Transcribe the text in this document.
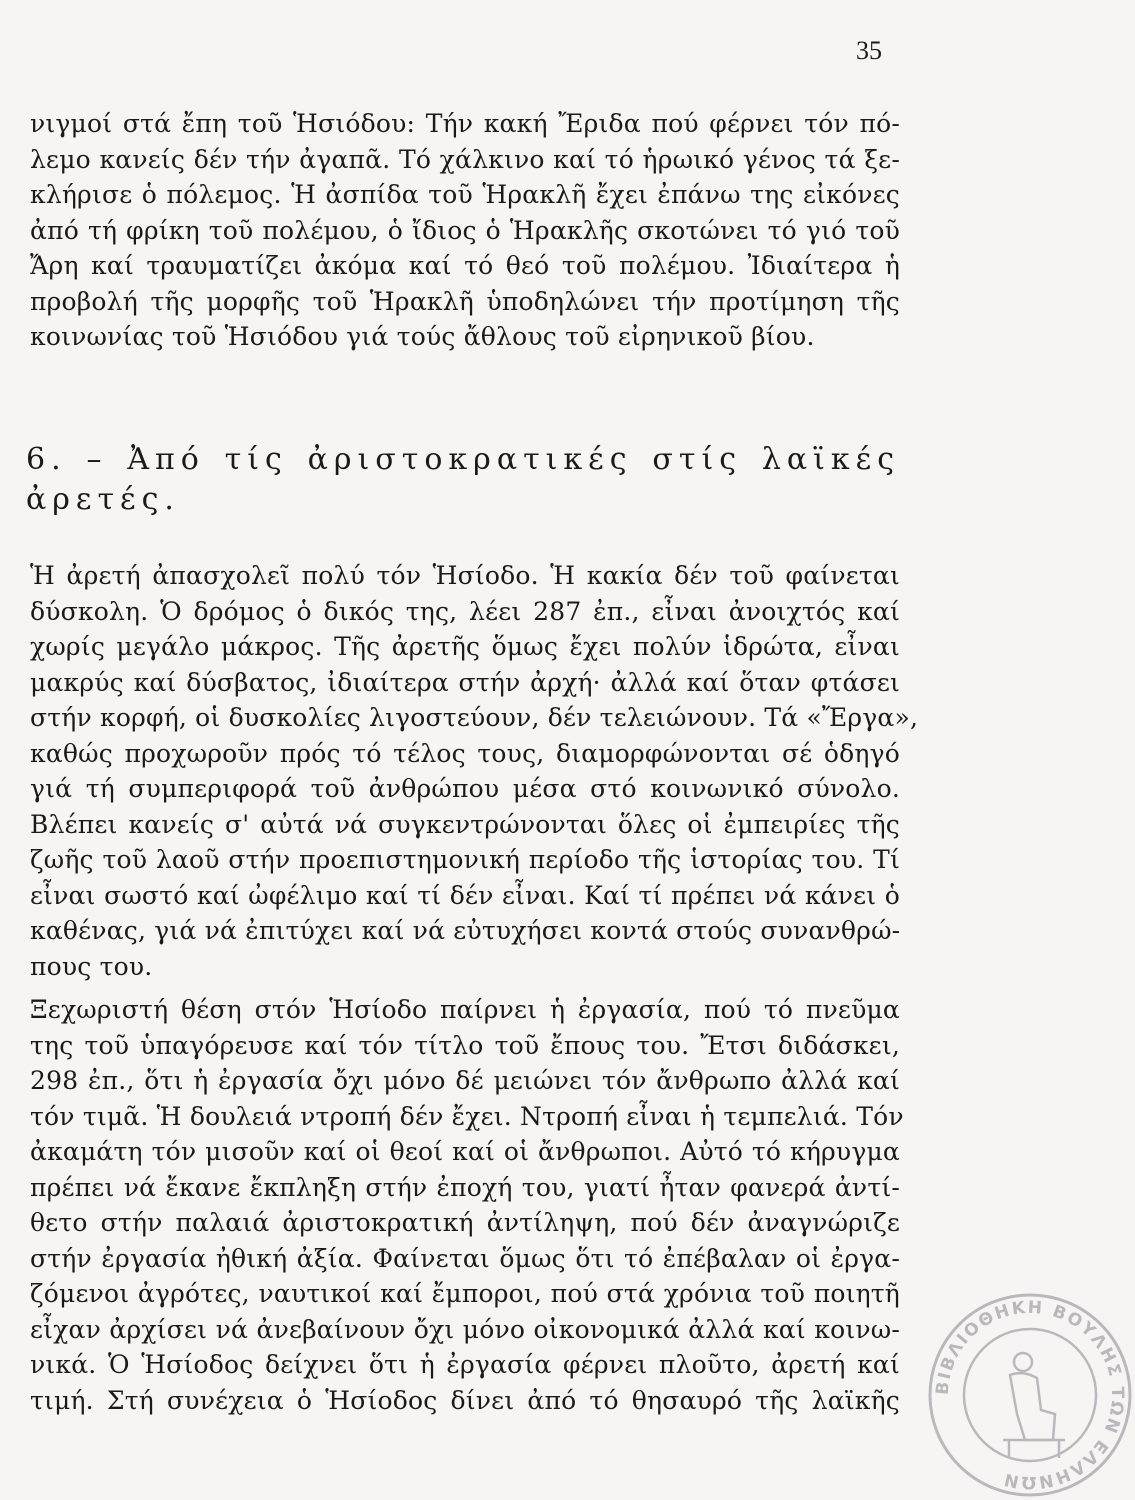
35
νιγμοί στά ἔπη τοῦ Ἡσιόδου: Τήν κακή Ἔριδα πού φέρνει τόν πό-
λεμο κανείς δέν τήν ἀγαπᾶ. Τό χάλκινο καί τό ἡρωικό γένος τά ξε-
κλήρισε ὁ πόλεμος. Ἡ ἀσπίδα τοῦ Ἡρακλῆ ἔχει ἐπάνω της εἰκόνες
ἀπό τή φρίκη τοῦ πολέμου, ὁ ἴδιος ὁ Ἡρακλῆς σκοτώνει τό γιό τοῦ
Ἄρη καί τραυματίζει ἀκόμα καί τό θεό τοῦ πολέμου. Ἰδιαίτερα ἡ
προβολή τῆς μορφῆς τοῦ Ἡρακλῆ ὑποδηλώνει τήν προτίμηση τῆς
κοινωνίας τοῦ Ἡσιόδου γιά τούς ἄθλους τοῦ εἰρηνικοῦ βίου.
6. – Ἀπό τίς ἀριστοκρατικές στίς λαϊκές
ἀρετές.
Ἡ ἀρετή ἀπασχολεῖ πολύ τόν Ἡσίοδο. Ἡ κακία δέν τοῦ φαίνεται
δύσκολη. Ὁ δρόμος ὁ δικός της, λέει 287 ἐπ., εἶναι ἀνοιχτός καί
χωρίς μεγάλο μάκρος. Τῆς ἀρετῆς ὅμως ἔχει πολύν ἱδρώτα, εἶναι
μακρύς καί δύσβατος, ἰδιαίτερα στήν ἀρχή· ἀλλά καί ὅταν φτάσει
στήν κορφή, οἱ δυσκολίες λιγοστεύουν, δέν τελειώνουν. Τά «Ἔργα»,
καθώς προχωροῦν πρός τό τέλος τους, διαμορφώνονται σέ ὁδηγό
γιά τή συμπεριφορά τοῦ ἀνθρώπου μέσα στό κοινωνικό σύνολο.
Βλέπει κανείς σ' αὐτά νά συγκεντρώνονται ὅλες οἱ ἐμπειρίες τῆς
ζωῆς τοῦ λαοῦ στήν προεπιστημονική περίοδο τῆς ἱστορίας του. Τί
εἶναι σωστό καί ὠφέλιμο καί τί δέν εἶναι. Καί τί πρέπει νά κάνει ὁ
καθένας, γιά νά ἐπιτύχει καί νά εὐτυχήσει κοντά στούς συνανθρώ-
πους του.
Ξεχωριστή θέση στόν Ἡσίοδο παίρνει ἡ ἐργασία, πού τό πνεῦμα
της τοῦ ὑπαγόρευσε καί τόν τίτλο τοῦ ἔπους του. Ἔτσι διδάσκει,
298 ἐπ., ὅτι ἡ ἐργασία ὄχι μόνο δέ μειώνει τόν ἄνθρωπο ἀλλά καί
τόν τιμᾶ. Ἡ δουλειά ντροπή δέν ἔχει. Ντροπή εἶναι ἡ τεμπελιά. Τόν
ἀκαμάτη τόν μισοῦν καί οἱ θεοί καί οἱ ἄνθρωποι. Αὐτό τό κήρυγμα
πρέπει νά ἔκανε ἔκπληξη στήν ἐποχή του, γιατί ἦταν φανερά ἀντί-
θετο στήν παλαιά ἀριστοκρατική ἀντίληψη, πού δέν ἀναγνώριζε
στήν ἐργασία ἠθική ἀξία. Φαίνεται ὅμως ὅτι τό ἐπέβαλαν οἱ ἐργα-
ζόμενοι ἀγρότες, ναυτικοί καί ἔμποροι, πού στά χρόνια τοῦ ποιητῆ
εἶχαν ἀρχίσει νά ἀνεβαίνουν ὄχι μόνο οἰκονομικά ἀλλά καί κοινω-
νικά. Ὁ Ἡσίοδος δείχνει ὅτι ἡ ἐργασία φέρνει πλοῦτο, ἀρετή καί
τιμή. Στή συνέχεια ὁ Ἡσίοδος δίνει ἀπό τό θησαυρό τῆς λαϊκῆς ΒΙΒΛΙΟΘΗΚΗ ΒΟΥΛΗΣ ΤΩΝ ΕΛΛΗΝΩΝ
